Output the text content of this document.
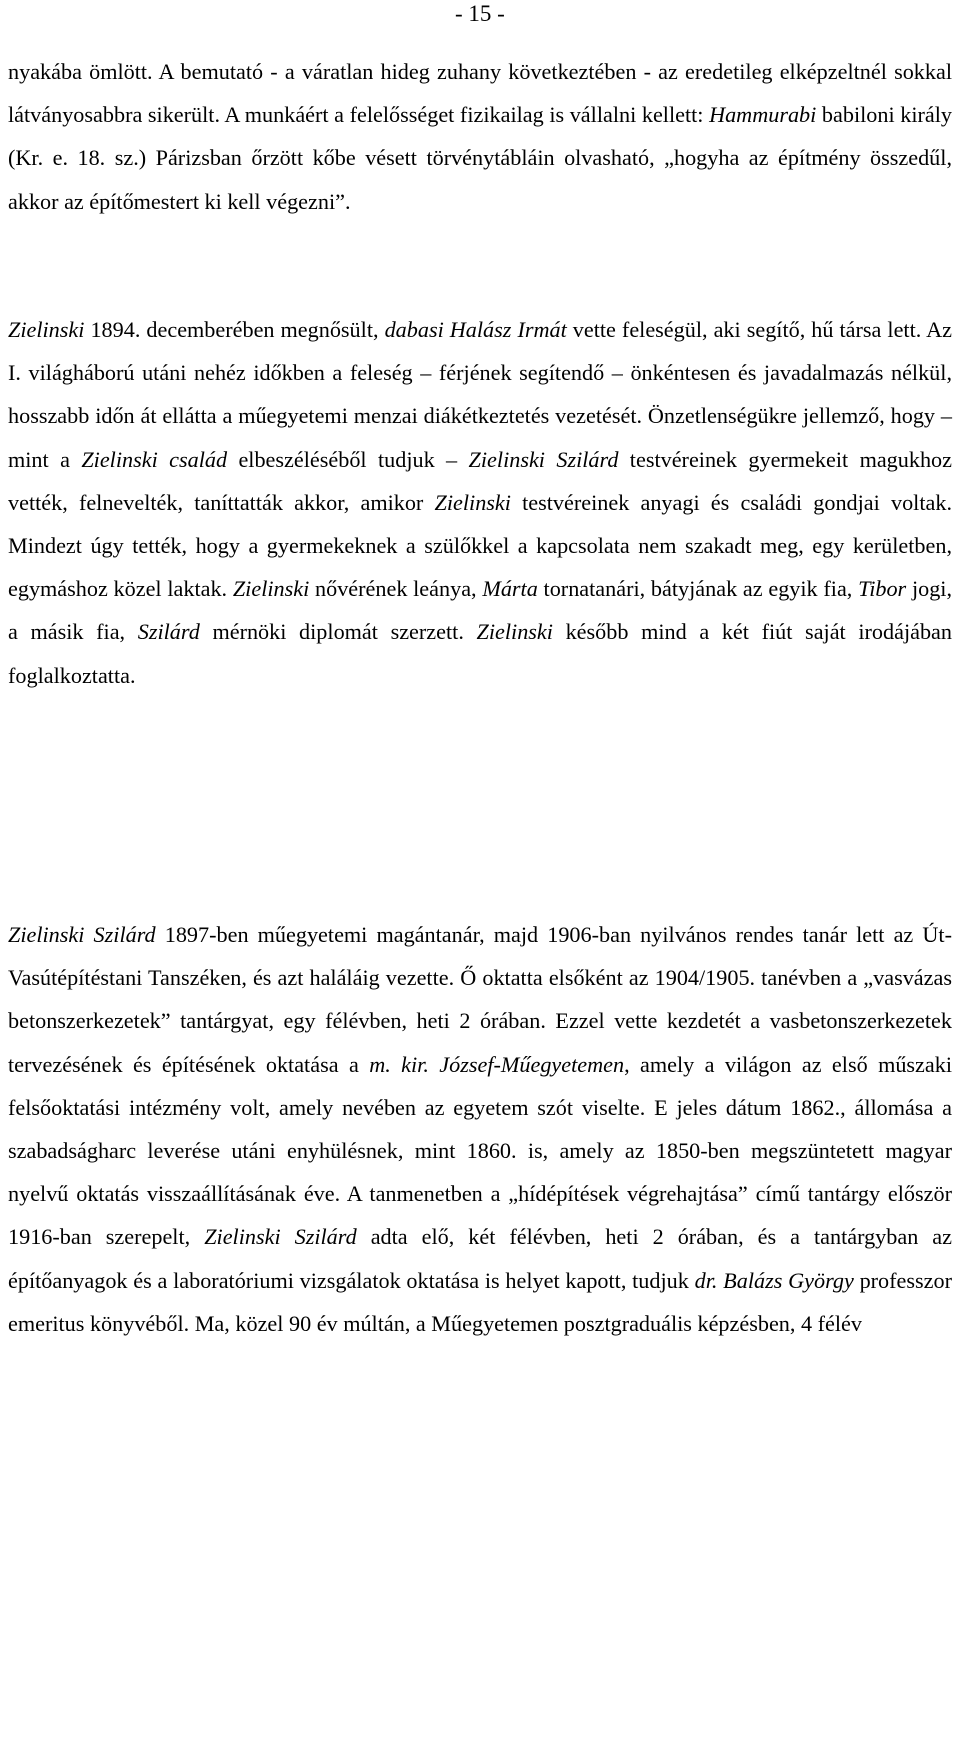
- 15 -

nyakába ömlött. A bemutató - a váratlan hideg zuhany következtében - az eredetileg elképzeltnél sokkal látványosabbra sikerült. A munkáért a felelősséget fizikailag is vállalni kellett: Hammurabi babiloni király (Kr. e. 18. sz.) Párizsban őrzött kőbe vésett törvénytábláin olvasható, „hogyha az építmény összedűl, akkor az építőmestert ki kell végezni”.

Zielinski 1894. decemberében megnősült, dabasi Halász Irmát vette feleségül, aki segítő, hű társa lett. Az I. világháború utáni nehéz időkben a feleség – férjének segítendő – önkéntesen és javadalmazás nélkül, hosszabb időn át ellátta a műegyetemi menzai diákétkeztetés vezetését. Önzetlenségükre jellemző, hogy – mint a Zielinski család elbeszéléséből tudjuk – Zielinski Szilárd testvéreinek gyermekeit magukhoz vették, felnevelték, taníttatták akkor, amikor Zielinski testvéreinek anyagi és családi gondjai voltak. Mindezt úgy tették, hogy a gyermekeknek a szülőkkel a kapcsolata nem szakadt meg, egy kerületben, egymáshoz közel laktak. Zielinski nővérének leánya, Márta tornatanári, bátyjának az egyik fia, Tibor jogi, a másik fia, Szilárd mérnöki diplomát szerzett. Zielinski később mind a két fiút saját irodájában foglalkoztatta.

Zielinski Szilárd 1897-ben műegyetemi magántanár, majd 1906-ban nyilvános rendes tanár lett az Út-Vasútépítéstani Tanszéken, és azt haláláig vezette. Ő oktatta elsőként az 1904/1905. tanévben a „vasvázas betonszerkezetek” tantárgyat, egy félévben, heti 2 órában. Ezzel vette kezdetét a vasbetonszerkezetek tervezésének és építésének oktatása a m. kir. József-Műegyetemen, amely a világon az első műszaki felsőoktatási intézmény volt, amely nevében az egyetem szót viselte. E jeles dátum 1862., állomása a szabadságharc leverése utáni enyhülésnek, mint 1860. is, amely az 1850-ben megszüntetett magyar nyelvű oktatás visszaállításának éve. A tanmenetben a „hídépítések végrehajtása” című tantárgy először 1916-ban szerepelt, Zielinski Szilárd adta elő, két félévben, heti 2 órában, és a tantárgyban az építőanyagok és a laboratóriumi vizsgálatok oktatása is helyet kapott, tudjuk dr. Balázs György professzor emeritus könyvéből. Ma, közel 90 év múltán, a Műegyetemen posztgraduális képzésben, 4 félév
